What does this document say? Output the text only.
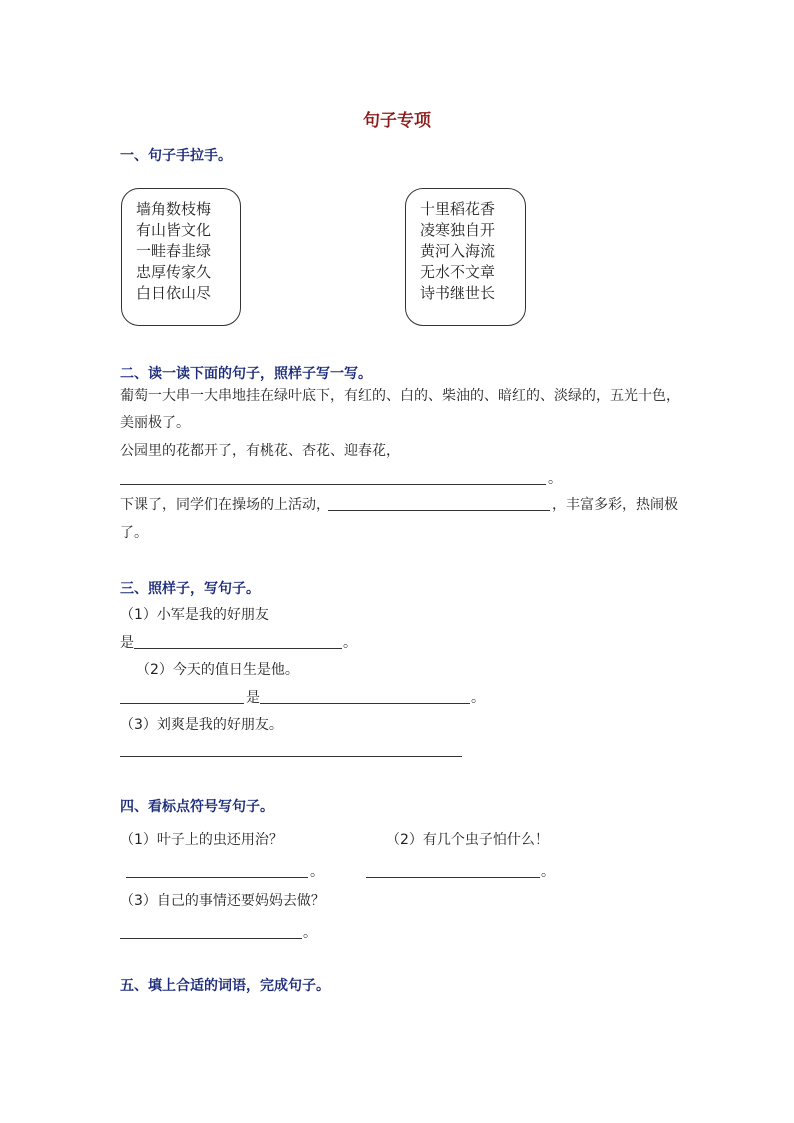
句子专项
一、句子手拉手。
墙角数枝梅
有山皆文化
一畦春韭绿
忠厚传家久
白日依山尽
十里稻花香
凌寒独自开
黄河入海流
无水不文章
诗书继世长
二、读一读下面的句子，照样子写一写。
葡萄一大串一大串地挂在绿叶底下，有红的、白的、柴油的、暗红的、淡绿的，五光十色，
美丽极了。
公园里的花都开了，有桃花、杏花、迎春花，
。
下课了，同学们在操场的上活动，	，丰富多彩，热闹极
了。
三、照样子，写句子。
（1）小军是我的好朋友
是	。
（2）今天的值日生是他。
是	。
（3）刘爽是我的好朋友。
四、看标点符号写句子。
（1）叶子上的虫还用治？	（2）有几个虫子怕什么！
。	。
（3）自己的事情还要妈妈去做？
。
五、填上合适的词语，完成句子。
